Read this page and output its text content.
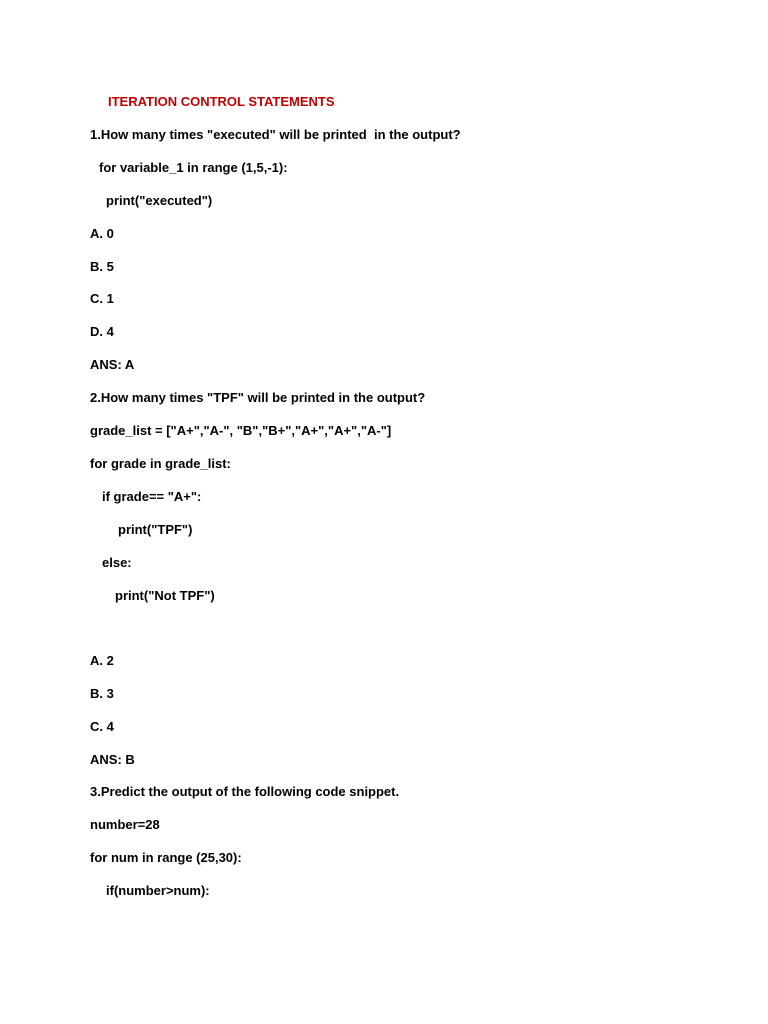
ITERATION CONTROL STATEMENTS

1.How many times "executed" will be printed  in the output?

for variable_1 in range (1,5,-1):

print("executed")

A. 0

B. 5

C. 1

D. 4

ANS: A

2.How many times "TPF" will be printed in the output?

grade_list = ["A+","A-", "B","B+","A+","A+","A-"]

for grade in grade_list:

if grade== "A+":

print("TPF")

else:

print("Not TPF")

A. 2

B. 3

C. 4

ANS: B

3.Predict the output of the following code snippet.

number=28

for num in range (25,30):

if(number>num):
